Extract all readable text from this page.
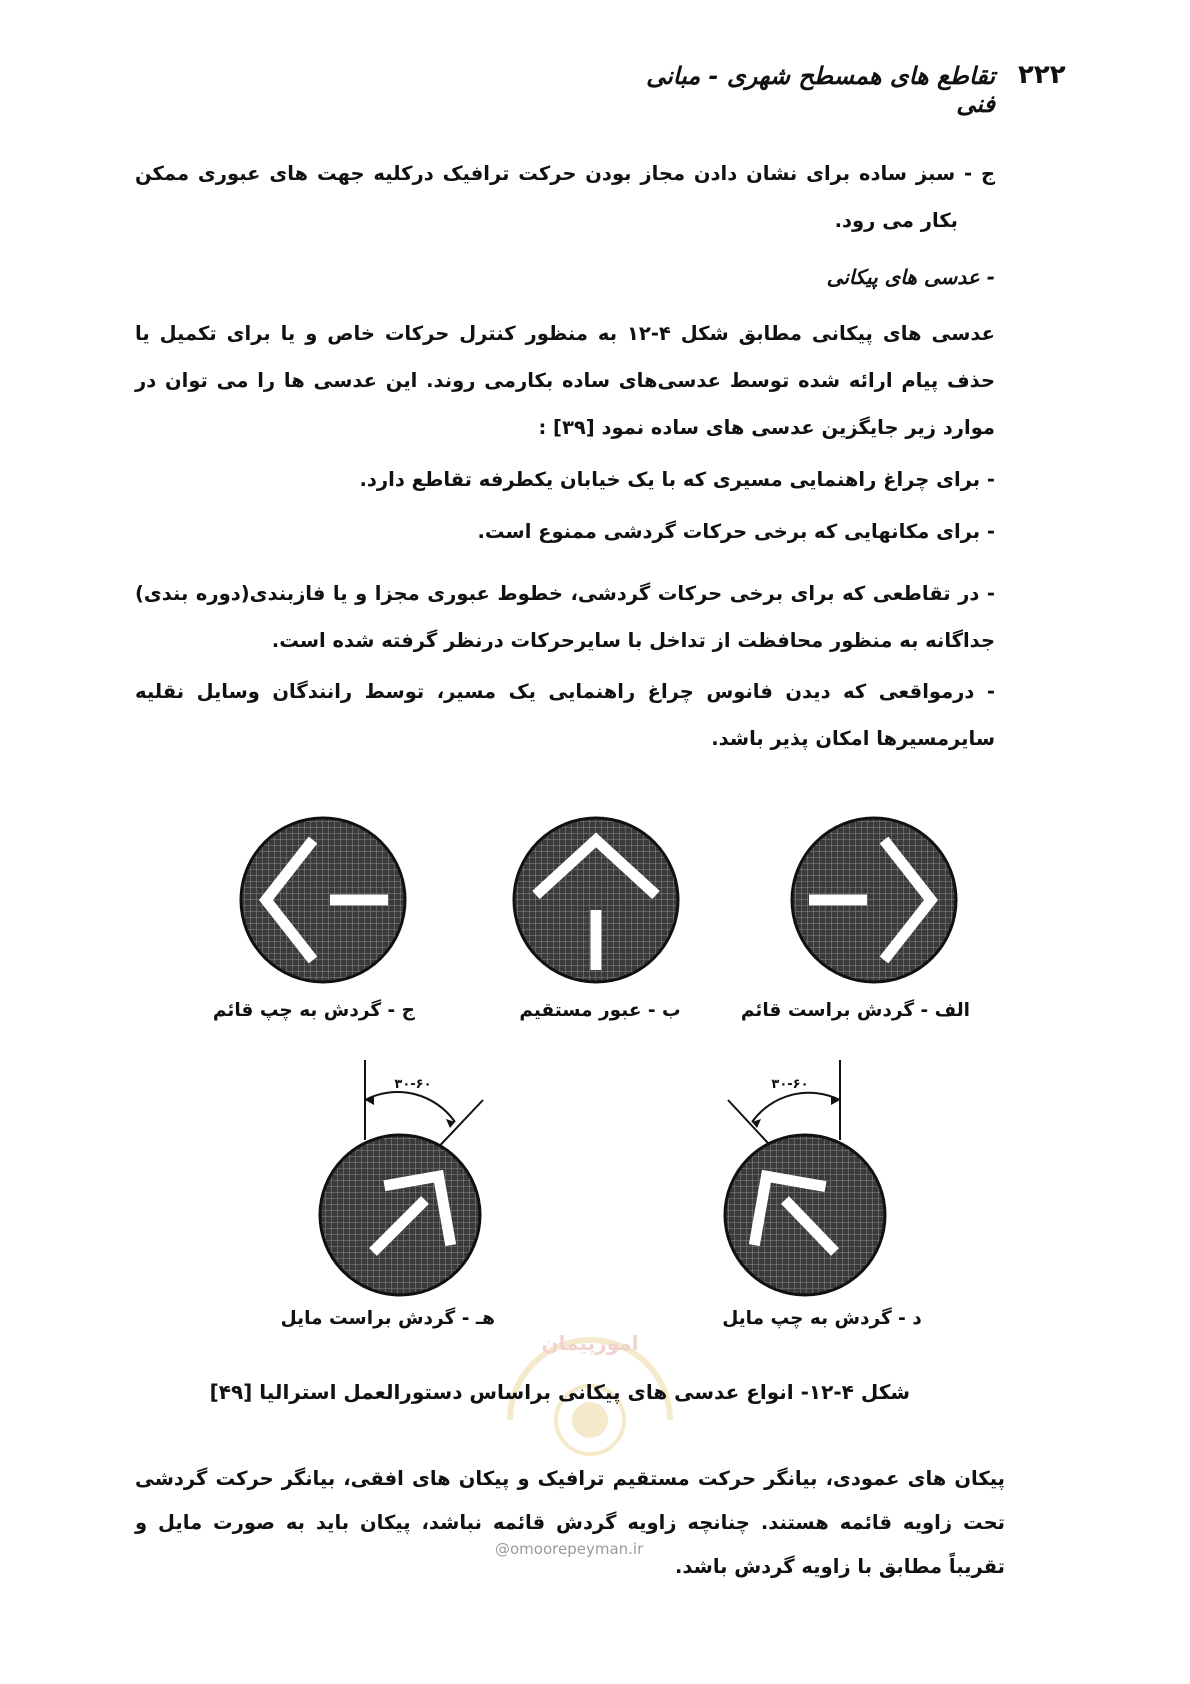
۲۲۲
تقاطع های همسطح شهری - مبانی فنی
ج - سبز ساده برای نشان دادن مجاز بودن حرکت ترافیک درکلیه جهت های عبوری ممکن
بکار می رود.
- عدسی های پیکانی
عدسی های پیکانی مطابق شکل ۴-۱۲ به منظور کنترل حرکات خاص و یا برای تکمیل یا حذف پیام ارائه شده توسط عدسی‌های ساده بکارمی روند. این عدسی ها را می توان در موارد زیر جایگزین عدسی های ساده نمود [۳۹] :
- برای چراغ راهنمایی مسیری که با یک خیابان یکطرفه تقاطع دارد.
- برای مکانهایی که برخی حرکات گردشی ممنوع است.
- در تقاطعی که برای برخی حرکات گردشی، خطوط عبوری مجزا و یا فازبندی(دوره بندی) جداگانه به منظور محافظت از تداخل با سایرحرکات درنظر گرفته شده است.
- درمواقعی که دیدن فانوس چراغ راهنمایی یک مسیر، توسط رانندگان وسایل نقلیه سایرمسیرها امکان پذیر باشد.
الف - گردش براست قائم
ب - عبور مستقیم
ج - گردش به چپ قائم
۳۰-۶۰
۳۰-۶۰
د - گردش به چپ مایل
هـ - گردش براست مایل
امورپیمان
شکل ۴-۱۲- انواع عدسی های پیکانی براساس دستورالعمل استرالیا [۴۹]
پیکان های عمودی، بیانگر حرکت مستقیم ترافیک و پیکان های افقی، بیانگر حرکت گردشی تحت زاویه قائمه هستند. چنانچه زاویه گردش قائمه نباشد، پیکان باید به صورت مایل و تقریباً مطابق با زاویه گردش باشد.
@omoorepeyman.ir
